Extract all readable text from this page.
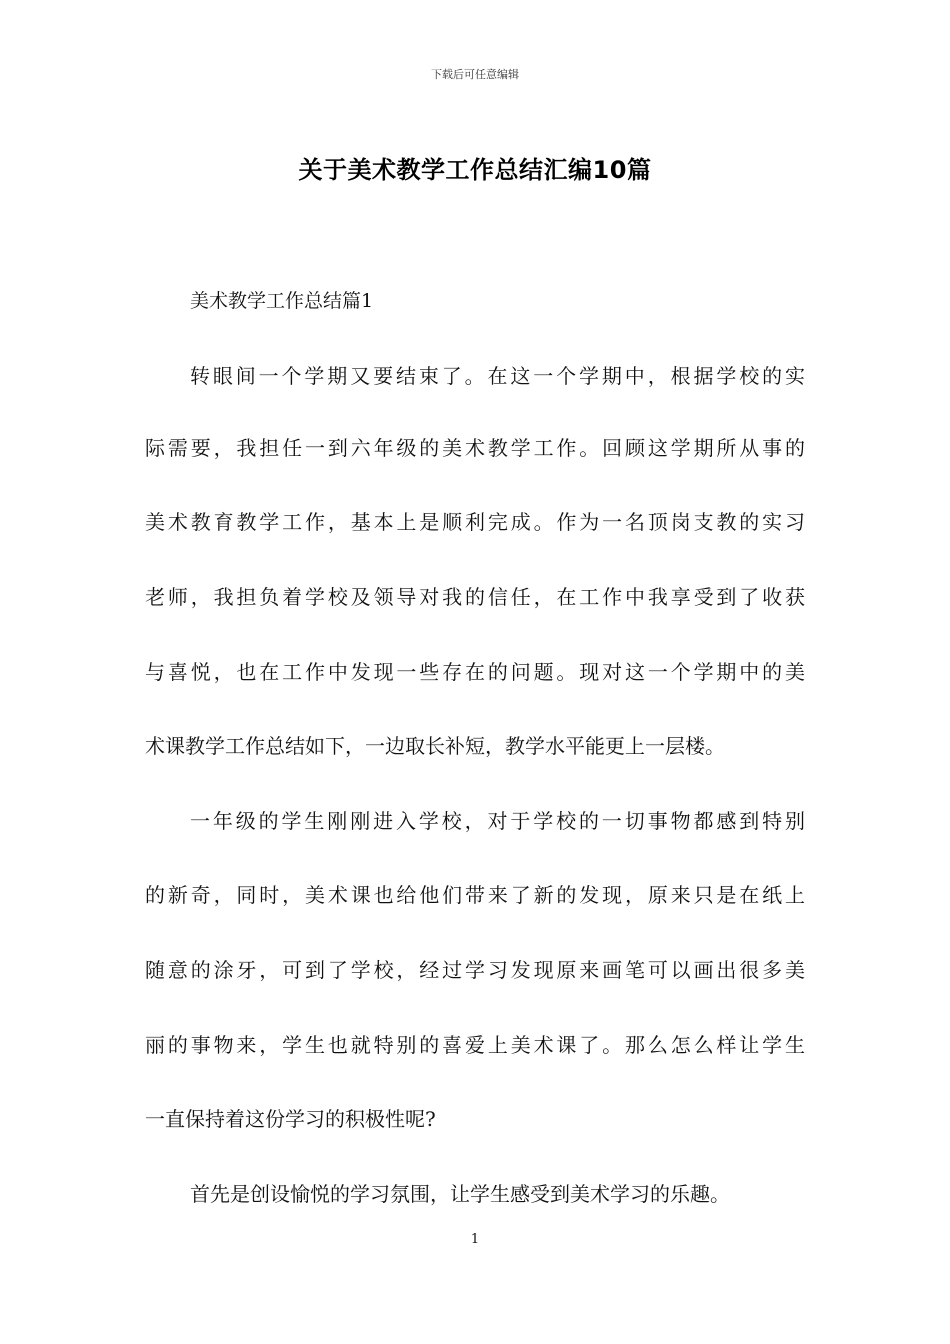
下载后可任意编辑
关于美术教学工作总结汇编10篇
美术教学工作总结篇1
转眼间一个学期又要结束了。在这一个学期中，根据学校的实
际需要，我担任一到六年级的美术教学工作。回顾这学期所从事的
美术教育教学工作，基本上是顺利完成。作为一名顶岗支教的实习
老师，我担负着学校及领导对我的信任，在工作中我享受到了收获
与喜悦，也在工作中发现一些存在的问题。现对这一个学期中的美
术课教学工作总结如下，一边取长补短，教学水平能更上一层楼。
一年级的学生刚刚进入学校，对于学校的一切事物都感到特别
的新奇，同时，美术课也给他们带来了新的发现，原来只是在纸上
随意的涂牙，可到了学校，经过学习发现原来画笔可以画出很多美
丽的事物来，学生也就特别的喜爱上美术课了。那么怎么样让学生
一直保持着这份学习的积极性呢?
首先是创设愉悦的学习氛围，让学生感受到美术学习的乐趣。
1
